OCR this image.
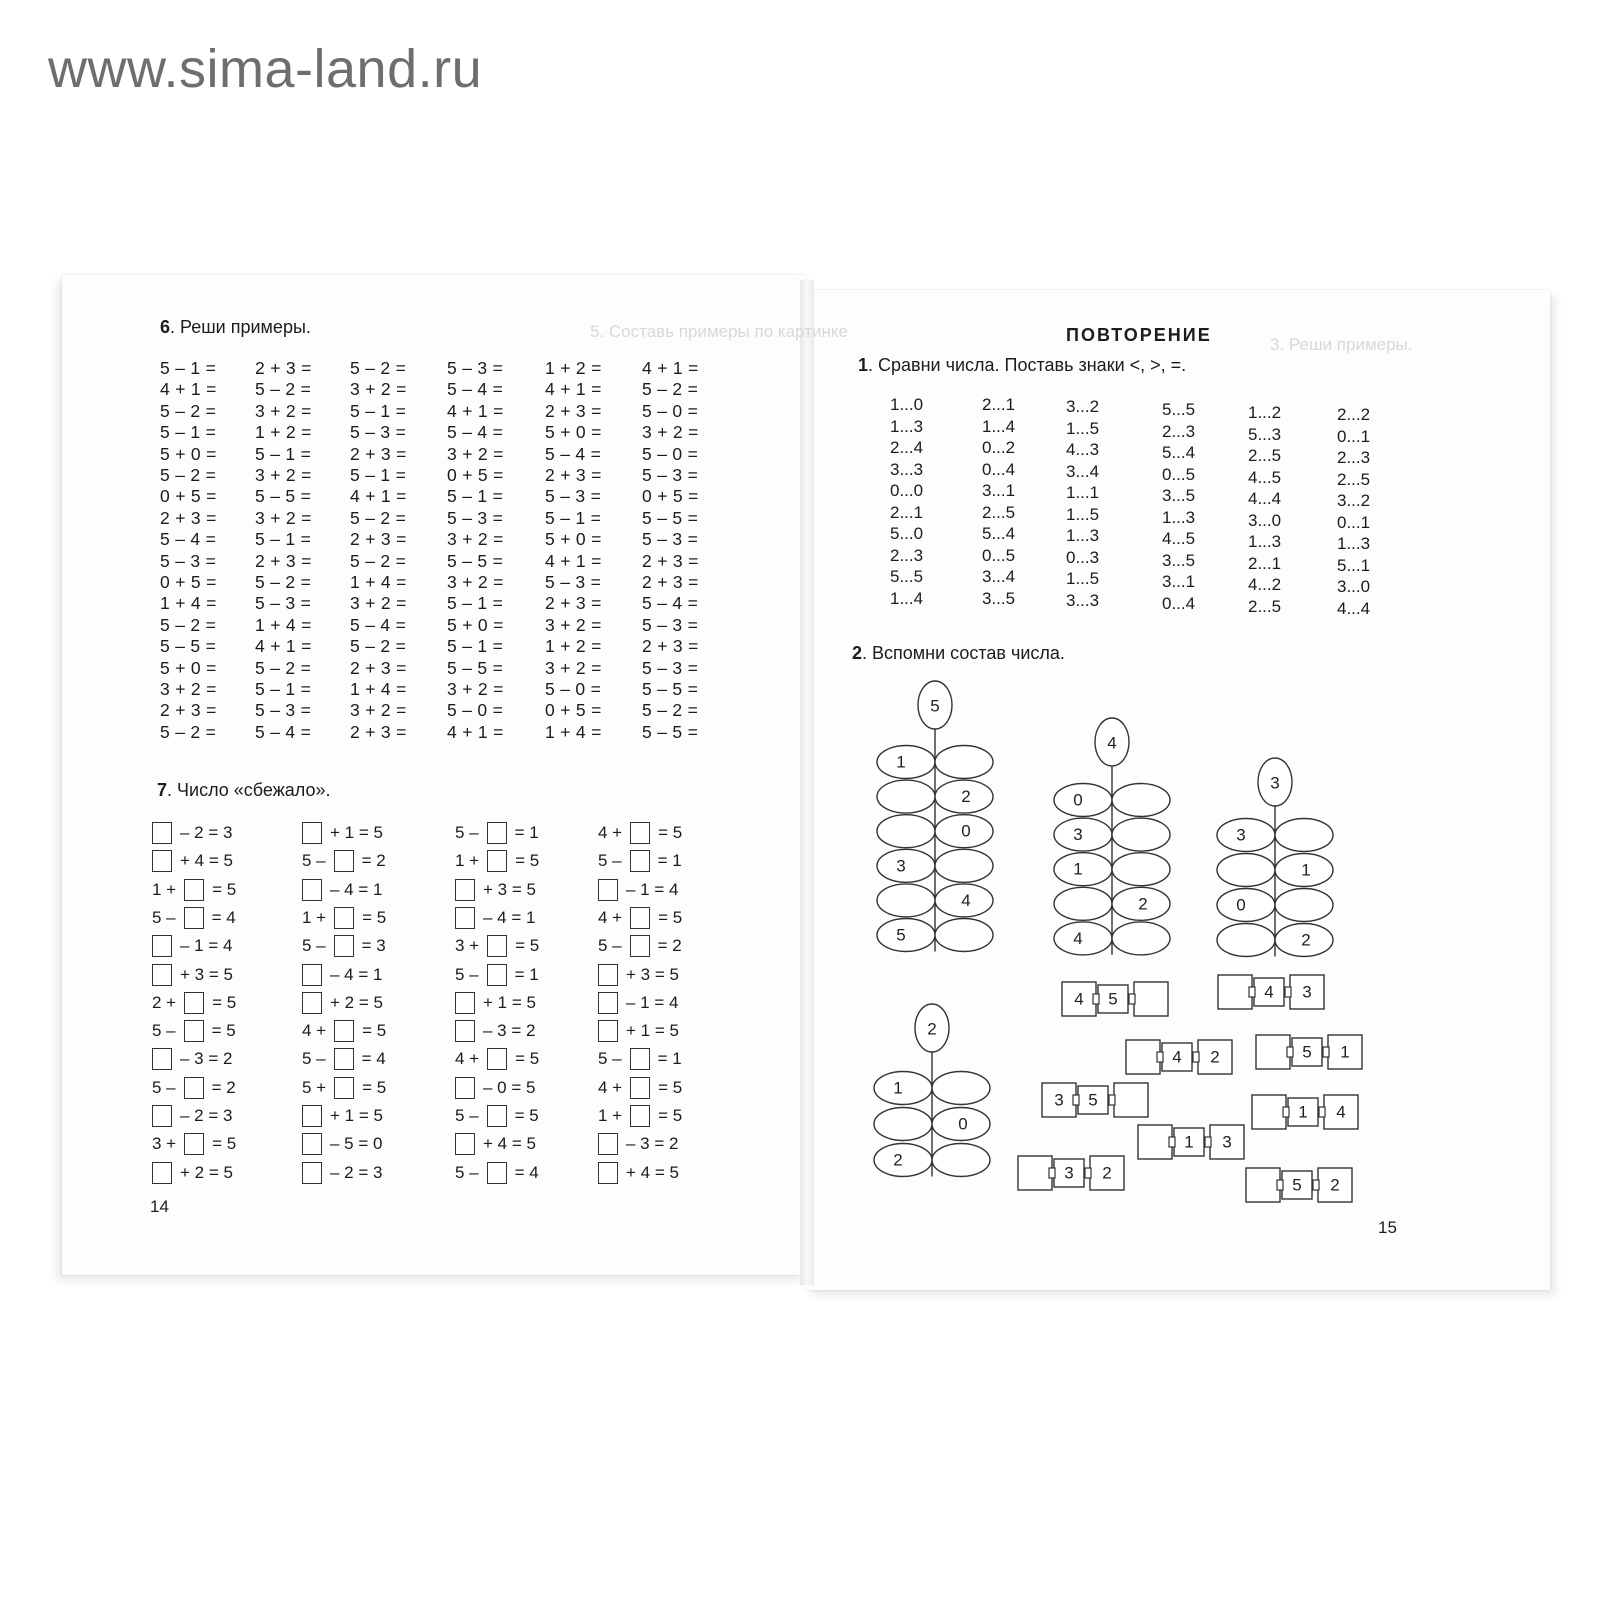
www.sima-land.ru
5. Составь примеры по картинке
3. Реши примеры.
6. Реши примеры.
5 – 1 =
4 + 1 =
5 – 2 =
5 – 1 =
5 + 0 =
5 – 2 =
0 + 5 =
2 + 3 =
5 – 4 =
5 – 3 =
0 + 5 =
1 + 4 =
5 – 2 =
5 – 5 =
5 + 0 =
3 + 2 =
2 + 3 =
5 – 2 =
2 + 3 =
5 – 2 =
3 + 2 =
1 + 2 =
5 – 1 =
3 + 2 =
5 – 5 =
3 + 2 =
5 – 1 =
2 + 3 =
5 – 2 =
5 – 3 =
1 + 4 =
4 + 1 =
5 – 2 =
5 – 1 =
5 – 3 =
5 – 4 =
5 – 2 =
3 + 2 =
5 – 1 =
5 – 3 =
2 + 3 =
5 – 1 =
4 + 1 =
5 – 2 =
2 + 3 =
5 – 2 =
1 + 4 =
3 + 2 =
5 – 4 =
5 – 2 =
2 + 3 =
1 + 4 =
3 + 2 =
2 + 3 =
5 – 3 =
5 – 4 =
4 + 1 =
5 – 4 =
3 + 2 =
0 + 5 =
5 – 1 =
5 – 3 =
3 + 2 =
5 – 5 =
3 + 2 =
5 – 1 =
5 + 0 =
5 – 1 =
5 – 5 =
3 + 2 =
5 – 0 =
4 + 1 =
1 + 2 =
4 + 1 =
2 + 3 =
5 + 0 =
5 – 4 =
2 + 3 =
5 – 3 =
5 – 1 =
5 + 0 =
4 + 1 =
5 – 3 =
2 + 3 =
3 + 2 =
1 + 2 =
3 + 2 =
5 – 0 =
0 + 5 =
1 + 4 =
4 + 1 =
5 – 2 =
5 – 0 =
3 + 2 =
5 – 0 =
5 – 3 =
0 + 5 =
5 – 5 =
5 – 3 =
2 + 3 =
2 + 3 =
5 – 4 =
5 – 3 =
2 + 3 =
5 – 3 =
5 – 5 =
5 – 2 =
5 – 5 =
7. Число «сбежало».
– 2 = 3
+ 4 = 5
1 + = 5
5 – = 4
– 1 = 4
+ 3 = 5
2 + = 5
5 – = 5
– 3 = 2
5 – = 2
– 2 = 3
3 + = 5
+ 2 = 5
+ 1 = 5
5 – = 2
– 4 = 1
1 + = 5
5 – = 3
– 4 = 1
+ 2 = 5
4 + = 5
5 – = 4
5 + = 5
+ 1 = 5
– 5 = 0
– 2 = 3
5 – = 1
1 + = 5
+ 3 = 5
– 4 = 1
3 + = 5
5 – = 1
+ 1 = 5
– 3 = 2
4 + = 5
– 0 = 5
5 – = 5
+ 4 = 5
5 – = 4
4 + = 5
5 – = 1
– 1 = 4
4 + = 5
5 – = 2
+ 3 = 5
– 1 = 4
+ 1 = 5
5 – = 1
4 + = 5
1 + = 5
– 3 = 2
+ 4 = 5
14
ПОВТОРЕНИЕ
1. Сравни числа. Поставь знаки <, >, =.
1...0
1...3
2...4
3...3
0...0
2...1
5...0
2...3
5...5
1...4
2...1
1...4
0...2
0...4
3...1
2...5
5...4
0...5
3...4
3...5
3...2
1...5
4...3
3...4
1...1
1...5
1...3
0...3
1...5
3...3
5...5
2...3
5...4
0...5
3...5
1...3
4...5
3...5
3...1
0...4
1...2
5...3
2...5
4...5
4...4
3...0
1...3
2...1
4...2
2...5
2...2
0...1
2...3
2...5
3...2
0...1
1...3
5...1
3...0
4...4
2. Вспомни состав числа.
5
1
2
0
3
4
5
4
0
3
1
2
4
3
3
1
0
2
2
1
0
2
4 5	4 3
4 2	5 1
3 5
1 4
1 3
3 2
5 2
15
